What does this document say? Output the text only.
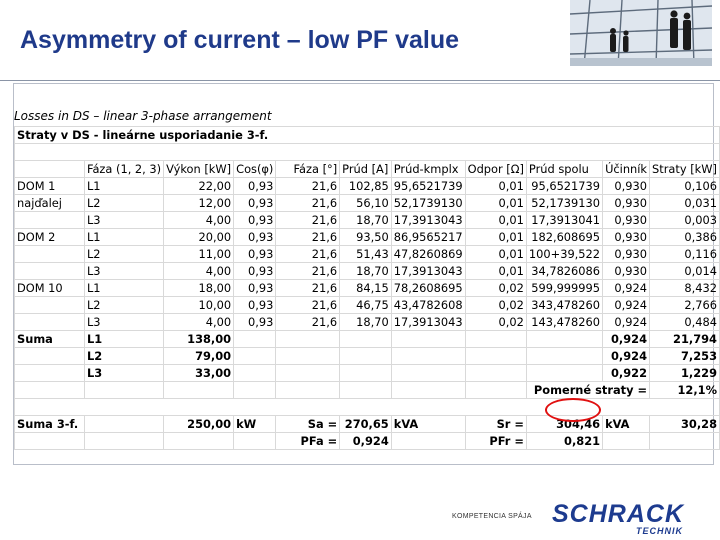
Asymmetry of current – low PF value
Losses in DS – linear 3-phase arrangement
Straty v DS - lineárne usporiadanie 3-f.										

	Fáza (1, 2, 3)	Výkon [kW]	Cos(φ)	Fáza [°]	Prúd [A]	Prúd-kmplx	Odpor [Ω]	Prúd spolu	Účinník	Straty [kW]
DOM 1	L1	22,00	0,93	21,6	102,85	95,6521739	0,01	95,6521739	0,930	0,106
najďalej	L2	12,00	0,93	21,6	56,10	52,1739130	0,01	52,1739130	0,930	0,031
	L3	4,00	0,93	21,6	18,70	17,3913043	0,01	17,3913041	0,930	0,003
DOM 2	L1	20,00	0,93	21,6	93,50	86,9565217	0,01	182,608695	0,930	0,386
	L2	11,00	0,93	21,6	51,43	47,8260869	0,01	100+39,522	0,930	0,116
	L3	4,00	0,93	21,6	18,70	17,3913043	0,01	34,7826086	0,930	0,014
DOM 10	L1	18,00	0,93	21,6	84,15	78,2608695	0,02	599,999995	0,924	8,432
	L2	10,00	0,93	21,6	46,75	43,4782608	0,02	343,478260	0,924	2,766
	L3	4,00	0,93	21,6	18,70	17,3913043	0,02	143,478260	0,924	0,484
Suma	L1	138,00							0,924	21,794
	L2	79,00							0,924	7,253
	L3	33,00							0,922	1,229
								Pomerné straty =		12,1%

Suma 3-f.		250,00	kW	Sa =	270,65	kVA	Sr =	304,46	kVA	30,28
				PFa =	0,924		PFr =	0,821		
KOMPETENCIA SPÁJA SCHRACK
TECHNIK
